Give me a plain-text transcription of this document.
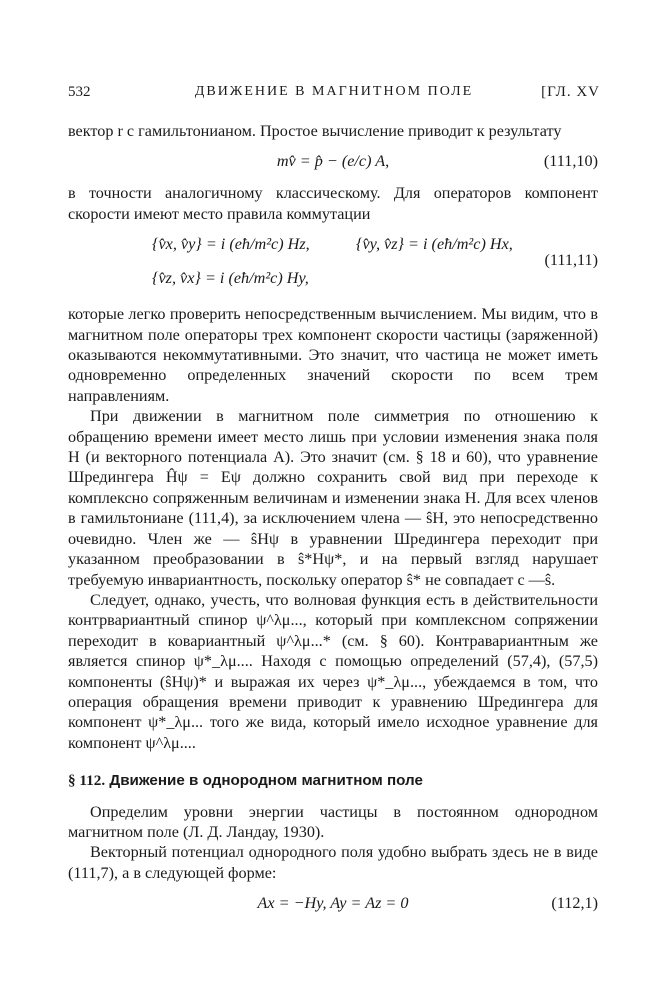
532	ДВИЖЕНИЕ В МАГНИТНОМ ПОЛЕ	[ГЛ. XV

вектор r с гамильтонианом. Простое вычисление приводит к результату

mv̂ = p̂ − (e/c) A,	(111,10)

в точности аналогичному классическому. Для операторов компонент скорости имеют место правила коммутации

{v̂x, v̂y} = i (eħ/m²c) Hz,	{v̂y, v̂z} = i (eħ/m²c) Hx,
{v̂z, v̂x} = i (eħ/m²c) Hy,
(111,11)

которые легко проверить непосредственным вычислением. Мы видим, что в магнитном поле операторы трех компонент скорости частицы (заряженной) оказываются некоммутативными. Это значит, что частица не может иметь одновременно определенных значений скорости по всем трем направлениям.

При движении в магнитном поле симметрия по отношению к обращению времени имеет место лишь при условии изменения знака поля H (и векторного потенциала A). Это значит (см. § 18 и 60), что уравнение Шредингера Ĥψ = Eψ должно сохранить свой вид при переходе к комплексно сопряженным величинам и изменении знака H. Для всех членов в гамильтониане (111,4), за исключением члена — ŝH, это непосредственно очевидно. Член же — ŝHψ в уравнении Шредингера переходит при указанном преобразовании в ŝ*Hψ*, и на первый взгляд нарушает требуемую инвариантность, поскольку оператор ŝ* не совпадает с —ŝ.

Следует, однако, учесть, что волновая функция есть в действительности контрвариантный спинор ψ^λμ..., который при комплексном сопряжении переходит в ковариантный ψ^λμ...* (см. § 60). Контравариантным же является спинор ψ*_λμ.... Находя с помощью определений (57,4), (57,5) компоненты (ŝHψ)* и выражая их через ψ*_λμ..., убеждаемся в том, что операция обращения времени приводит к уравнению Шредингера для компонент ψ*_λμ... того же вида, который имело исходное уравнение для компонент ψ^λμ....

§ 112. Движение в однородном магнитном поле

Определим уровни энергии частицы в постоянном однородном магнитном поле (Л. Д. Ландау, 1930).

Векторный потенциал однородного поля удобно выбрать здесь не в виде (111,7), а в следующей форме:

Ax = −Hy, Ay = Az = 0	(112,1)
